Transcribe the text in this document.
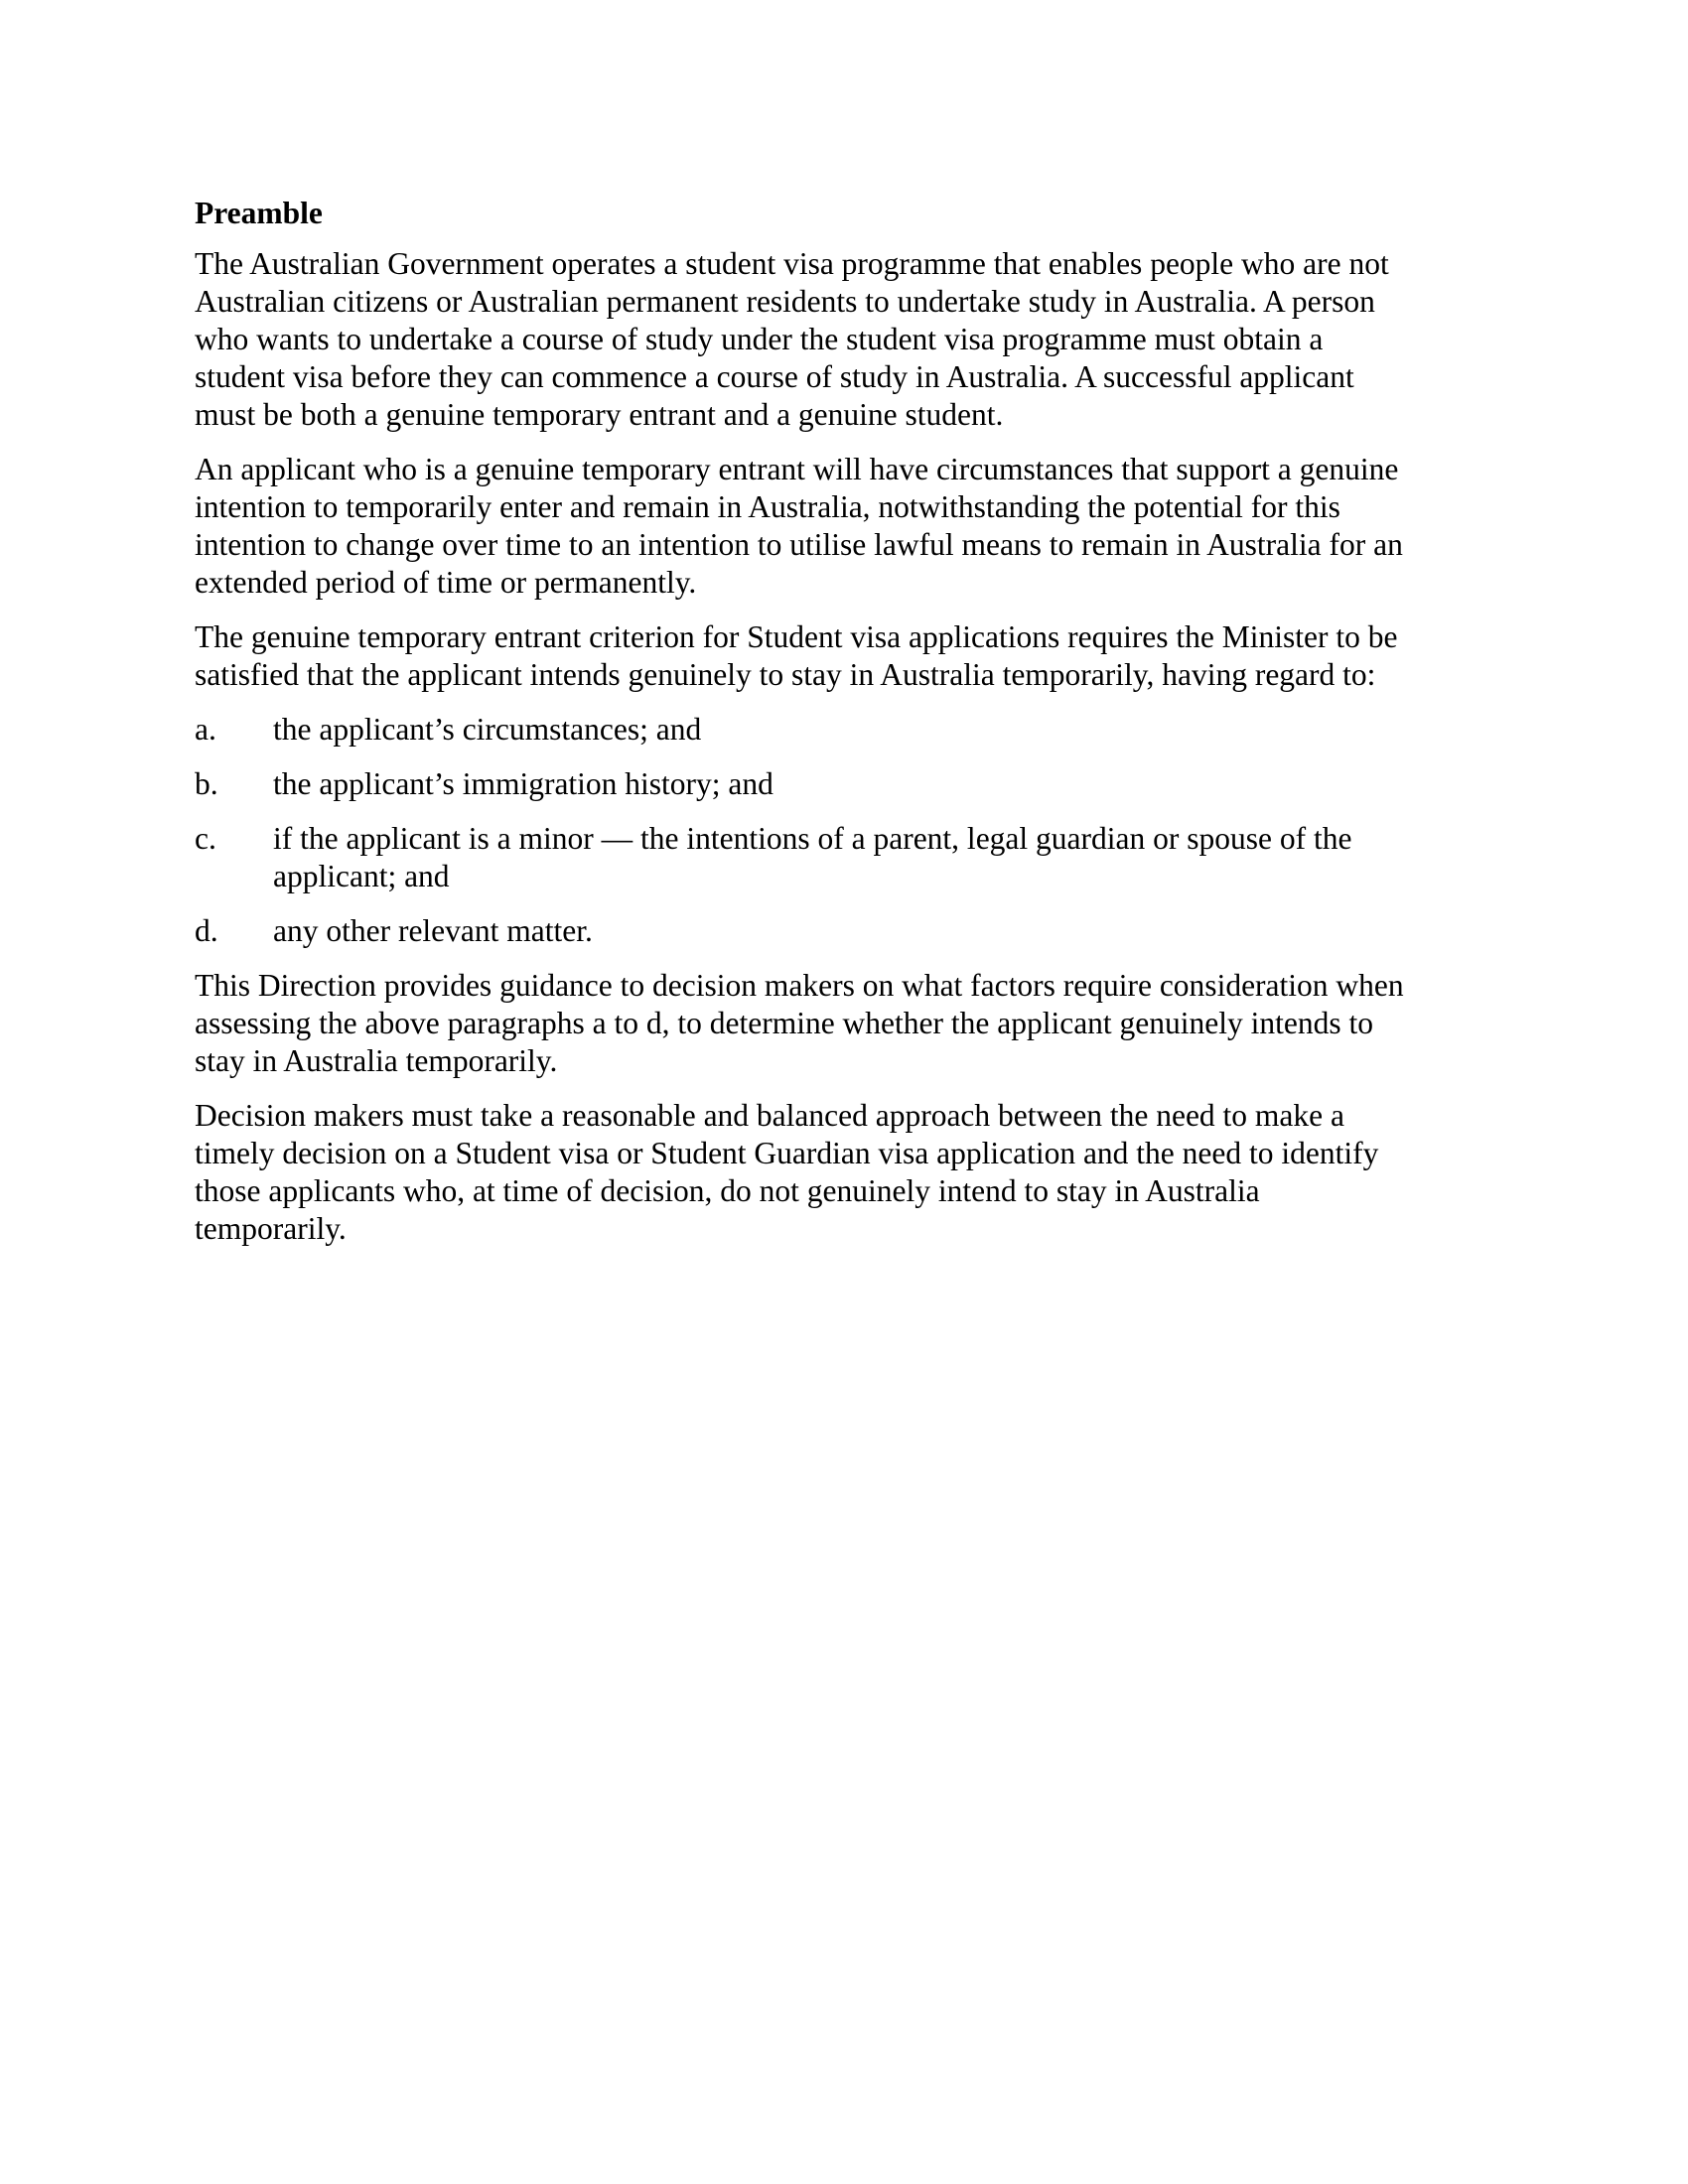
Preamble

The Australian Government operates a student visa programme that enables people who are not Australian citizens or Australian permanent residents to undertake study in Australia. A person who wants to undertake a course of study under the student visa programme must obtain a student visa before they can commence a course of study in Australia. A successful applicant must be both a genuine temporary entrant and a genuine student.

An applicant who is a genuine temporary entrant will have circumstances that support a genuine intention to temporarily enter and remain in Australia, notwithstanding the potential for this intention to change over time to an intention to utilise lawful means to remain in Australia for an extended period of time or permanently.

The genuine temporary entrant criterion for Student visa applications requires the Minister to be satisfied that the applicant intends genuinely to stay in Australia temporarily, having regard to:

a.	the applicant’s circumstances; and
b.	the applicant’s immigration history; and
c.	if the applicant is a minor — the intentions of a parent, legal guardian or spouse of the applicant; and
d.	any other relevant matter.

This Direction provides guidance to decision makers on what factors require consideration when assessing the above paragraphs a to d, to determine whether the applicant genuinely intends to stay in Australia temporarily.

Decision makers must take a reasonable and balanced approach between the need to make a timely decision on a Student visa or Student Guardian visa application and the need to identify those applicants who, at time of decision, do not genuinely intend to stay in Australia temporarily.
